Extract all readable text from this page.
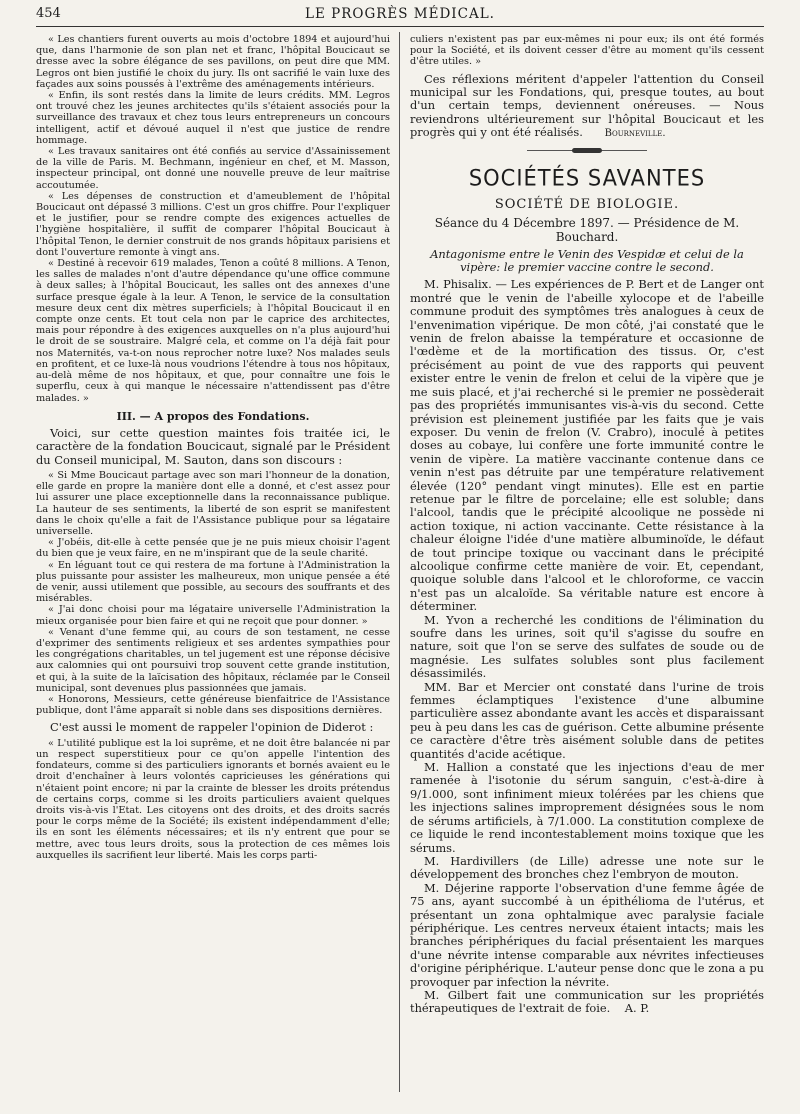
454	LE PROGRÈS MÉDICAL.

« Les chantiers furent ouverts au mois d'octobre 1894 et aujourd'hui que, dans l'harmonie de son plan net et franc, l'hôpital Boucicaut se dresse avec la sobre élégance de ses pavillons, on peut dire que MM. Legros ont bien justifié le choix du jury. Ils ont sacrifié le vain luxe des façades aux soins poussés à l'extrême des aménagements intérieurs.

« Enfin, ils sont restés dans la limite de leurs crédits. MM. Legros ont trouvé chez les jeunes architectes qu'ils s'étaient associés pour la surveillance des travaux et chez tous leurs entrepreneurs un concours intelligent, actif et dévoué auquel il n'est que justice de rendre hommage.

« Les travaux sanitaires ont été confiés au service d'Assainissement de la ville de Paris. M. Bechmann, ingénieur en chef, et M. Masson, inspecteur principal, ont donné une nouvelle preuve de leur maîtrise accoutumée.

« Les dépenses de construction et d'ameublement de l'hôpital Boucicaut ont dépassé 3 millions. C'est un gros chiffre. Pour l'expliquer et le justifier, pour se rendre compte des exigences actuelles de l'hygiène hospitalière, il suffit de comparer l'hôpital Boucicaut à l'hôpital Tenon, le dernier construit de nos grands hôpitaux parisiens et dont l'ouverture remonte à vingt ans.

« Destiné à recevoir 619 malades, Tenon a coûté 8 millions. A Tenon, les salles de malades n'ont d'autre dépendance qu'une office commune à deux salles; à l'hôpital Boucicaut, les salles ont des annexes d'une surface presque égale à la leur. A Tenon, le service de la consultation mesure deux cent dix mètres superficiels; à l'hôpital Boucicaut il en compte onze cents. Et tout cela non par le caprice des architectes, mais pour répondre à des exigences auxquelles on n'a plus aujourd'hui le droit de se soustraire. Malgré cela, et comme on l'a déjà fait pour nos Maternités, va-t-on nous reprocher notre luxe? Nos malades seuls en profitent, et ce luxe-là nous voudrions l'étendre à tous nos hôpitaux, au-delà même de nos hôpitaux, et que, pour connaître une fois le superflu, ceux à qui manque le nécessaire n'attendissent pas d'être malades. »

III. — A propos des Fondations.

Voici, sur cette question maintes fois traitée ici, le caractère de la fondation Boucicaut, signalé par le Président du Conseil municipal, M. Sauton, dans son discours :

« Si Mme Boucicaut partage avec son mari l'honneur de la donation, elle garde en propre la manière dont elle a donné, et c'est assez pour lui assurer une place exceptionnelle dans la reconnaissance publique. La hauteur de ses sentiments, la liberté de son esprit se manifestent dans le choix qu'elle a fait de l'Assistance publique pour sa légataire universelle.

« J'obéis, dit-elle à cette pensée que je ne puis mieux choisir l'agent du bien que je veux faire, en ne m'inspirant que de la seule charité.

« En léguant tout ce qui restera de ma fortune à l'Administration la plus puissante pour assister les malheureux, mon unique pensée a été de venir, aussi utilement que possible, au secours des souffrants et des misérables.

« J'ai donc choisi pour ma légataire universelle l'Administration la mieux organisée pour bien faire et qui ne reçoit que pour donner. »

« Venant d'une femme qui, au cours de son testament, ne cesse d'exprimer des sentiments religieux et ses ardentes sympathies pour les congrégations charitables, un tel jugement est une réponse décisive aux calomnies qui ont poursuivi trop souvent cette grande institution, et qui, à la suite de la laïcisation des hôpitaux, réclamée par le Conseil municipal, sont devenues plus passionnées que jamais.

« Honorons, Messieurs, cette généreuse bienfaitrice de l'Assistance publique, dont l'âme apparaît si noble dans ses dispositions dernières.

C'est aussi le moment de rappeler l'opinion de Diderot :

« L'utilité publique est la loi suprême, et ne doit être balancée ni par un respect superstitieux pour ce qu'on appelle l'intention des fondateurs, comme si des particuliers ignorants et bornés avaient eu le droit d'enchaîner à leurs volontés capricieuses les générations qui n'étaient point encore; ni par la crainte de blesser les droits prétendus de certains corps, comme si les droits particuliers avaient quelques droits vis-à-vis l'Etat. Les citoyens ont des droits, et des droits sacrés pour le corps même de la Société; ils existent indépendamment d'elle; ils en sont les éléments nécessaires; et ils n'y entrent que pour se mettre, avec tous leurs droits, sous la protection de ces mêmes lois auxquelles ils sacrifient leur liberté. Mais les corps parti-

culiers n'existent pas par eux-mêmes ni pour eux; ils ont été formés pour la Société, et ils doivent cesser d'être au moment qu'ils cessent d'être utiles. »

Ces réflexions méritent d'appeler l'attention du Conseil municipal sur les Fondations, qui, presque toutes, au bout d'un certain temps, deviennent onéreuses. — Nous reviendrons ultérieurement sur l'hôpital Boucicaut et les progrès qui y ont été réalisés. Bourneville.

SOCIÉTÉS SAVANTES
SOCIÉTÉ DE BIOLOGIE.
Séance du 4 Décembre 1897. — Présidence de M. Bouchard.
Antagonisme entre le Venin des Vespidæ et celui de la vipère: le premier vaccine contre le second.

M. Phisalix. — Les expériences de P. Bert et de Langer ont montré que le venin de l'abeille xylocope et de l'abeille commune produit des symptômes très analogues à ceux de l'envenimation vipérique. De mon côté, j'ai constaté que le venin de frelon abaisse la température et occasionne de l'œdème et de la mortification des tissus. Or, c'est précisément au point de vue des rapports qui peuvent exister entre le venin de frelon et celui de la vipère que je me suis placé, et j'ai recherché si le premier ne possèderait pas des propriétés immunisantes vis-à-vis du second. Cette prévision est pleinement justifiée par les faits que je vais exposer. Du venin de frelon (V. Crabro), inoculé à petites doses au cobaye, lui confère une forte immunité contre le venin de vipère. La matière vaccinante contenue dans ce venin n'est pas détruite par une température relativement élevée (120° pendant vingt minutes). Elle est en partie retenue par le filtre de porcelaine; elle est soluble; dans l'alcool, tandis que le précipité alcoolique ne possède ni action toxique, ni action vaccinante. Cette résistance à la chaleur éloigne l'idée d'une matière albuminoïde, le défaut de tout principe toxique ou vaccinant dans le précipité alcoolique confirme cette manière de voir. Et, cependant, quoique soluble dans l'alcool et le chloroforme, ce vaccin n'est pas un alcaloïde. Sa véritable nature est encore à déterminer.

M. Yvon a recherché les conditions de l'élimination du soufre dans les urines, soit qu'il s'agisse du soufre en nature, soit que l'on se serve des sulfates de soude ou de magnésie. Les sulfates solubles sont plus facilement désassimilés.

MM. Bar et Mercier ont constaté dans l'urine de trois femmes éclamptiques l'existence d'une albumine particulière assez abondante avant les accès et disparaissant peu à peu dans les cas de guérison. Cette albumine présente ce caractère d'être très aisément soluble dans de petites quantités d'acide acétique.

M. Hallion a constaté que les injections d'eau de mer ramenée à l'isotonie du sérum sanguin, c'est-à-dire à 9/1.000, sont infiniment mieux tolérées par les chiens que les injections salines improprement désignées sous le nom de sérums artificiels, à 7/1.000. La constitution complexe de ce liquide le rend incontestablement moins toxique que les sérums.

M. Hardivillers (de Lille) adresse une note sur le développement des bronches chez l'embryon de mouton.

M. Déjerine rapporte l'observation d'une femme âgée de 75 ans, ayant succombé à un épithélioma de l'utérus, et présentant un zona ophtalmique avec paralysie faciale périphérique. Les centres nerveux étaient intacts; mais les branches périphériques du facial présentaient les marques d'une névrite intense comparable aux névrites infectieuses d'origine périphérique. L'auteur pense donc que le zona a pu provoquer par infection la névrite.

M. Gilbert fait une communication sur les propriétés thérapeutiques de l'extrait de foie. A. P.
